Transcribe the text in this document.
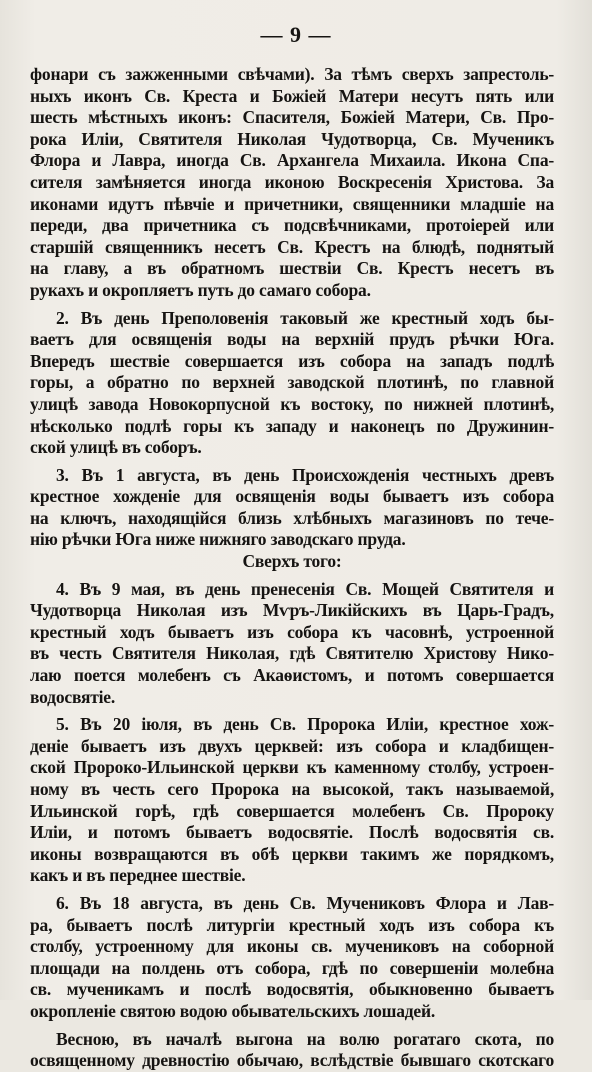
— 9 —
фонари съ зажженными свѣчами). За тѣмъ сверхъ запрестоль-
ныхъ иконъ Св. Креста и Божіей Матери несутъ пять или
шесть мѣстныхъ иконъ: Спасителя, Божіей Матери, Св. Про-
рока Иліи, Святителя Николая Чудотворца, Св. Мученикъ
Флора и Лавра, иногда Св. Архангела Михаила. Икона Спа-
сителя замѣняется иногда иконою Воскресенія Христова. За
иконами идутъ пѣвчіе и причетники, священники младшіе на
переди, два причетника съ подсвѣчниками, протоіерей или
старшій священникъ несетъ Св. Крестъ на блюдѣ, поднятый
на главу, а въ обратномъ шествіи Св. Крестъ несетъ въ
рукахъ и окропляетъ путь до самаго собора.
2. Въ день Преполовенія таковый же крестный ходъ бы-
ваетъ для освященія воды на верхній прудъ рѣчки Юга.
Впередъ шествіе совершается изъ собора на западъ подлѣ
горы, а обратно по верхней заводской плотинѣ, по главной
улицѣ завода Новокорпусной къ востоку, по нижней плотинѣ,
нѣсколько подлѣ горы къ западу и наконецъ по Дружинин-
ской улицѣ въ соборъ.
3. Въ 1 августа, въ день Происхожденія честныхъ древъ
крестное хожденіе для освященія воды бываетъ изъ собора
на ключъ, находящійся близь хлѣбныхъ магазиновъ по тече-
нію рѣчки Юга ниже нижняго заводскаго пруда.
Сверхъ того:
4. Въ 9 мая, въ день пренесенія Св. Мощей Святителя и
Чудотворца Николая изъ Мѵръ-Ликійскихъ въ Царь-Градъ,
крестный ходъ бываетъ изъ собора къ часовнѣ, устроенной
въ честь Святителя Николая, гдѣ Святителю Христову Нико-
лаю поется молебенъ съ Акаѳистомъ, и потомъ совершается
водосвятіе.
5. Въ 20 іюля, въ день Св. Пророка Иліи, крестное хож-
деніе бываетъ изъ двухъ церквей: изъ собора и кладбищен-
ской Пророко-Ильинской церкви къ каменному столбу, устроен-
ному въ честь сего Пророка на высокой, такъ называемой,
Ильинской горѣ, гдѣ совершается молебенъ Св. Пророку
Иліи, и потомъ бываетъ водосвятіе. Послѣ водосвятія св.
иконы возвращаются въ обѣ церкви такимъ же порядкомъ,
какъ и въ переднее шествіе.
6. Въ 18 августа, въ день Св. Мучениковъ Флора и Лав-
ра, бываетъ послѣ литургіи крестный ходъ изъ собора къ
столбу, устроенному для иконы св. мучениковъ на соборной
площади на полдень отъ собора, гдѣ по совершеніи молебна
св. мученикамъ и послѣ водосвятія, обыкновенно бываетъ
окропленіе святою водою обывательскихъ лошадей.
Весною, въ началѣ выгона на волю рогатаго скота, по
освященному древностію обычаю, вслѣдствіе бывшаго скотскаго
